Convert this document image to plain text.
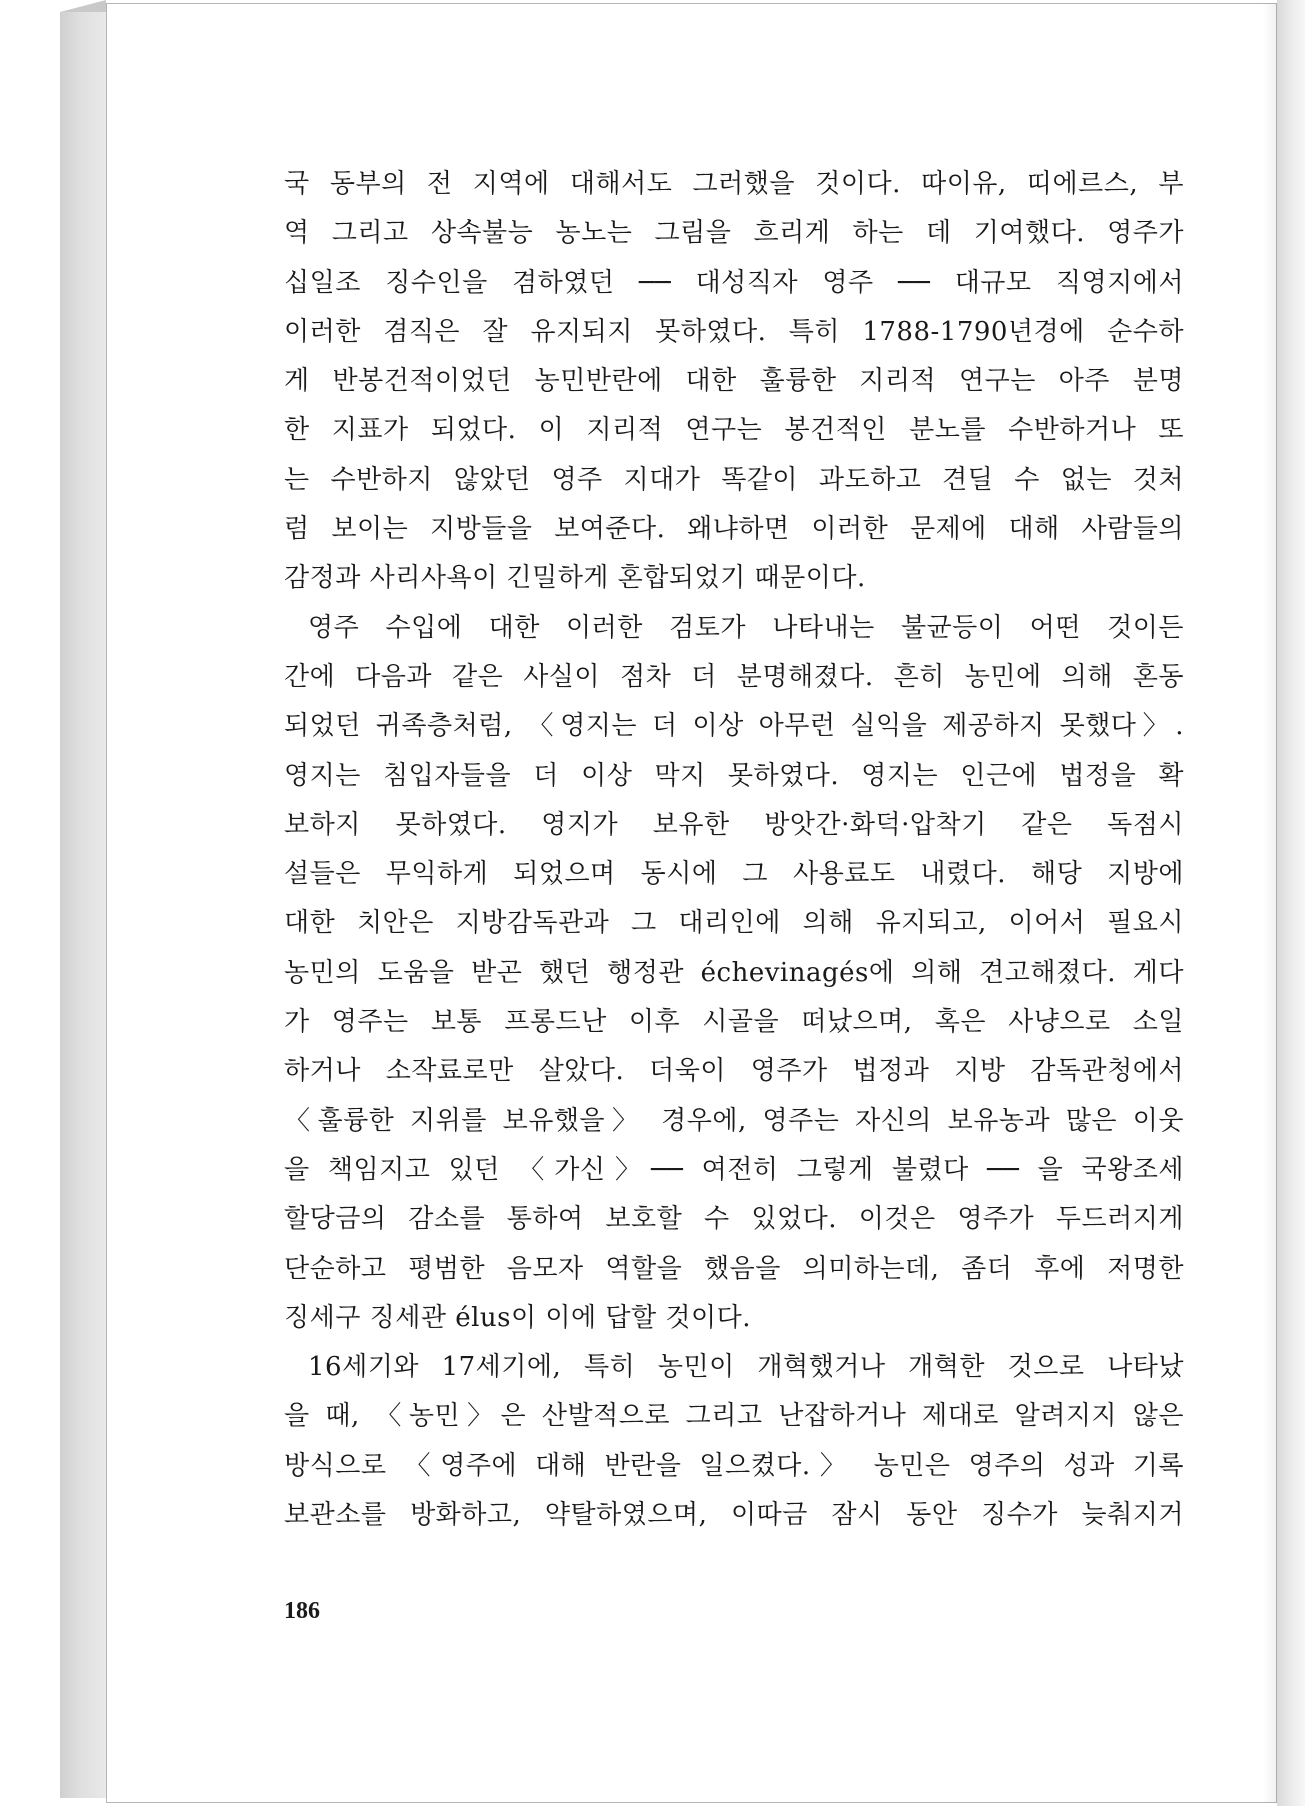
국 동부의 전 지역에 대해서도 그러했을 것이다. 따이유, 띠에르스, 부
역 그리고 상속불능 농노는 그림을 흐리게 하는 데 기여했다. 영주가
십일조 징수인을 겸하였던 ── 대성직자 영주 ── 대규모 직영지에서
이러한 겸직은 잘 유지되지 못하였다. 특히 1788-1790년경에 순수하
게 반봉건적이었던 농민반란에 대한 훌륭한 지리적 연구는 아주 분명
한 지표가 되었다. 이 지리적 연구는 봉건적인 분노를 수반하거나 또
는 수반하지 않았던 영주 지대가 똑같이 과도하고 견딜 수 없는 것처
럼 보이는 지방들을 보여준다. 왜냐하면 이러한 문제에 대해 사람들의
감정과 사리사욕이 긴밀하게 혼합되었기 때문이다.
영주 수입에 대한 이러한 검토가 나타내는 불균등이 어떤 것이든
간에 다음과 같은 사실이 점차 더 분명해졌다. 흔히 농민에 의해 혼동
되었던 귀족층처럼, 〈영지는 더 이상 아무런 실익을 제공하지 못했다〉.
영지는 침입자들을 더 이상 막지 못하였다. 영지는 인근에 법정을 확
보하지 못하였다. 영지가 보유한 방앗간·화덕·압착기 같은 독점시
설들은 무익하게 되었으며 동시에 그 사용료도 내렸다. 해당 지방에
대한 치안은 지방감독관과 그 대리인에 의해 유지되고, 이어서 필요시
농민의 도움을 받곤 했던 행정관 échevinagés에 의해 견고해졌다. 게다
가 영주는 보통 프롱드난 이후 시골을 떠났으며, 혹은 사냥으로 소일
하거나 소작료로만 살았다. 더욱이 영주가 법정과 지방 감독관청에서
〈훌륭한 지위를 보유했을〉 경우에, 영주는 자신의 보유농과 많은 이웃
을 책임지고 있던 〈가신〉── 여전히 그렇게 불렸다 ── 을 국왕조세
할당금의 감소를 통하여 보호할 수 있었다. 이것은 영주가 두드러지게
단순하고 평범한 음모자 역할을 했음을 의미하는데, 좀더 후에 저명한
징세구 징세관 élus이 이에 답할 것이다.
16세기와 17세기에, 특히 농민이 개혁했거나 개혁한 것으로 나타났
을 때, 〈농민〉은 산발적으로 그리고 난잡하거나 제대로 알려지지 않은
방식으로 〈영주에 대해 반란을 일으켰다.〉 농민은 영주의 성과 기록
보관소를 방화하고, 약탈하였으며, 이따금 잠시 동안 징수가 늦춰지거
186
